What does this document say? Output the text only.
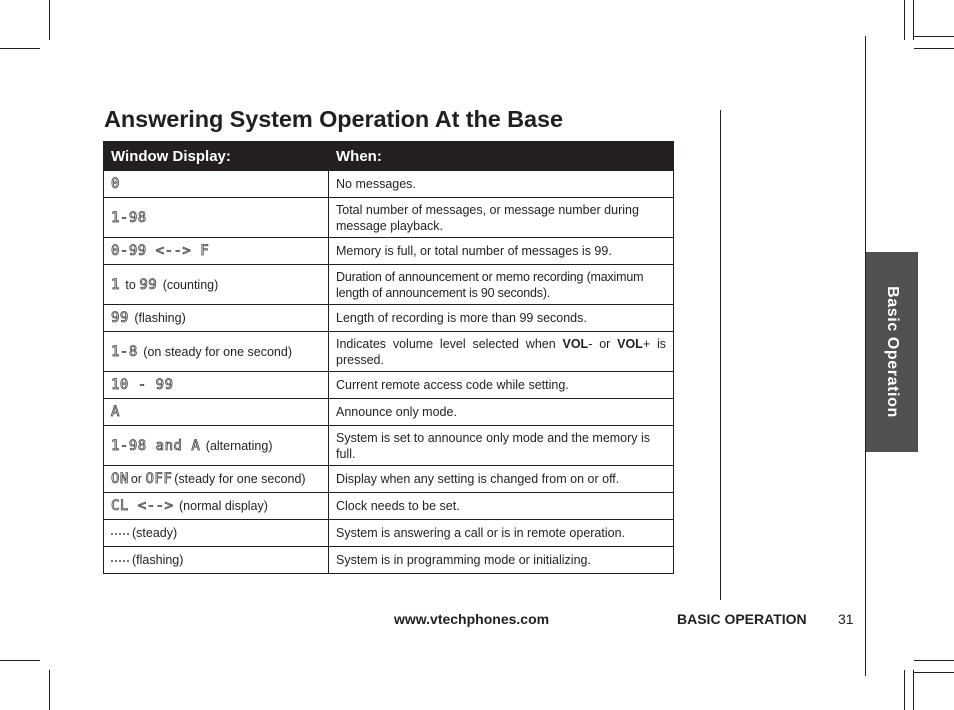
Answering System Operation At the Base
Window Display:	When:
0	No messages.
1-98	Total number of messages, or message number during message playback.
0-99 <--> F	Memory is full, or total number of messages is 99.
1 to 99 (counting)	Duration of announcement or memo recording (maximum length of announcement is 90 seconds).
99 (flashing)	Length of recording is more than 99 seconds.
1-8 (on steady for one second)	Indicates volume level selected when VOL- or VOL+ is pressed.
10 - 99	Current remote access code while setting.
A	Announce only mode.
1-98 and A (alternating)	System is set to announce only mode and the memory is full.
ON or OFF (steady for one second)	Display when any setting is changed from on or off.
CL <--> (normal display)	Clock needs to be set.
(steady)	System is answering a call or is in remote operation.
(flashing)	System is in programming mode or initializing.
Basic Operation
www.vtechphones.com	BASIC OPERATION 31
